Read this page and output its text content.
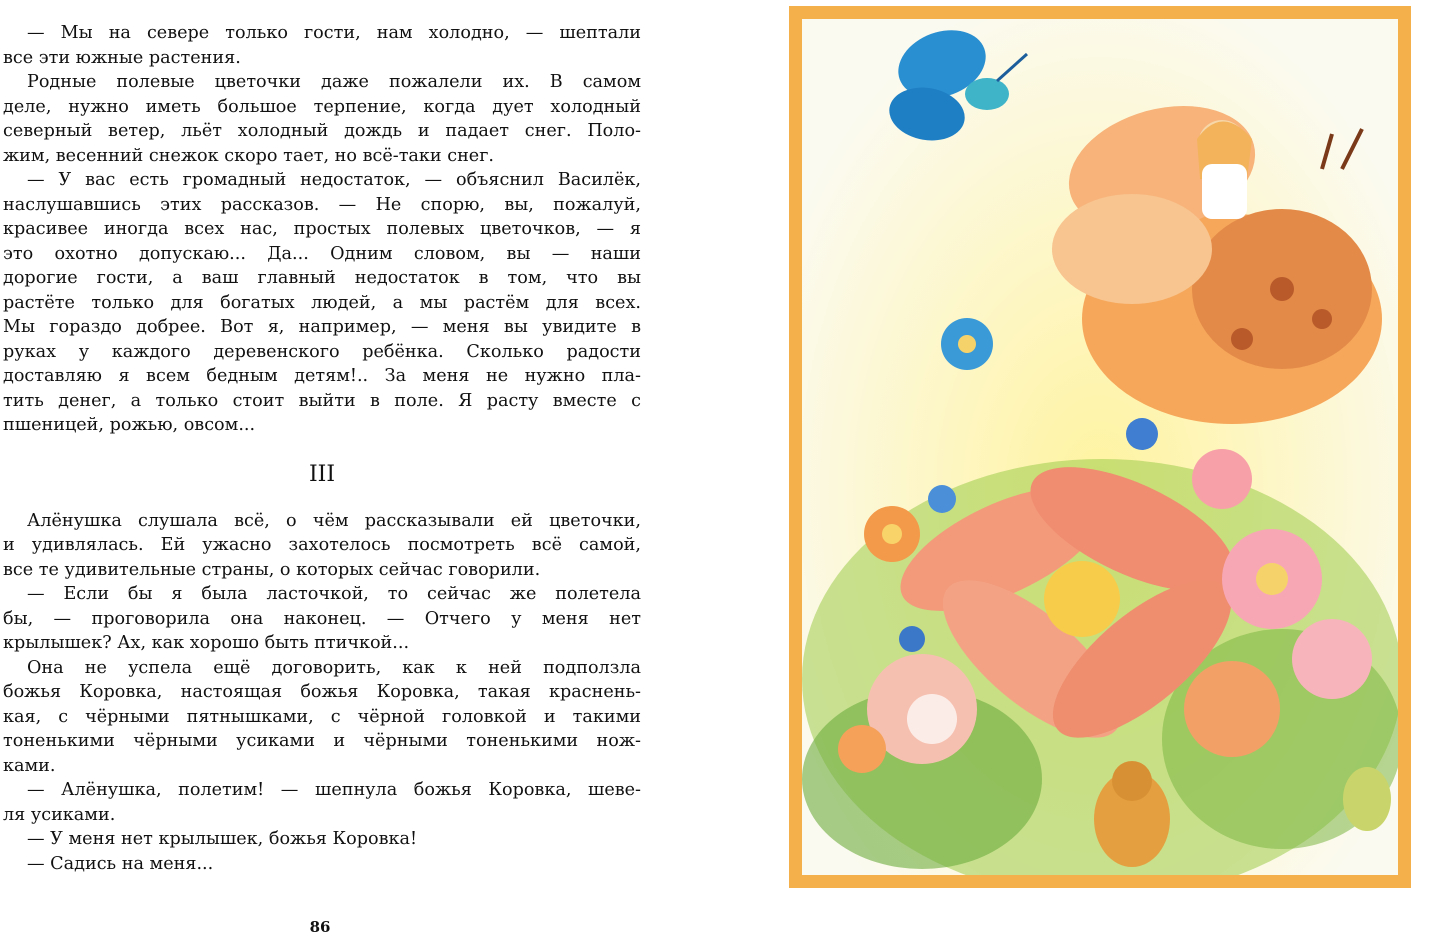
— Мы на севере только гости, нам холодно, — шептали
все эти южные растения.
Родные полевые цветочки даже пожалели их. В самом
деле, нужно иметь большое терпение, когда дует холодный
северный ветер, льёт холодный дождь и падает снег. Поло-
жим, весенний снежок скоро тает, но всё-таки снег.
— У вас есть громадный недостаток, — объяснил Василёк,
наслушавшись этих рассказов. — Не спорю, вы, пожалуй,
красивее иногда всех нас, простых полевых цветочков, — я
это охотно допускаю... Да... Одним словом, вы — наши
дорогие гости, а ваш главный недостаток в том, что вы
растёте только для богатых людей, а мы растём для всех.
Мы гораздо добрее. Вот я, например, — меня вы увидите в
руках у каждого деревенского ребёнка. Сколько радости
доставляю я всем бедным детям!.. За меня не нужно пла-
тить денег, а только стоит выйти в поле. Я расту вместе с
пшеницей, рожью, овсом...
III
Алёнушка слушала всё, о чём рассказывали ей цветочки,
и удивлялась. Ей ужасно захотелось посмотреть всё самой,
все те удивительные страны, о которых сейчас говорили.
— Если бы я была ласточкой, то сейчас же полетела
бы, — проговорила она наконец. — Отчего у меня нет
крылышек? Ах, как хорошо быть птичкой...
Она не успела ещё договорить, как к ней подползла
божья Коровка, настоящая божья Коровка, такая краснень-
кая, с чёрными пятнышками, с чёрной головкой и такими
тоненькими чёрными усиками и чёрными тоненькими нож-
ками.
— Алёнушка, полетим! — шепнула божья Коровка, шеве-
ля усиками.
— У меня нет крылышек, божья Коровка!
— Садись на меня...
86
